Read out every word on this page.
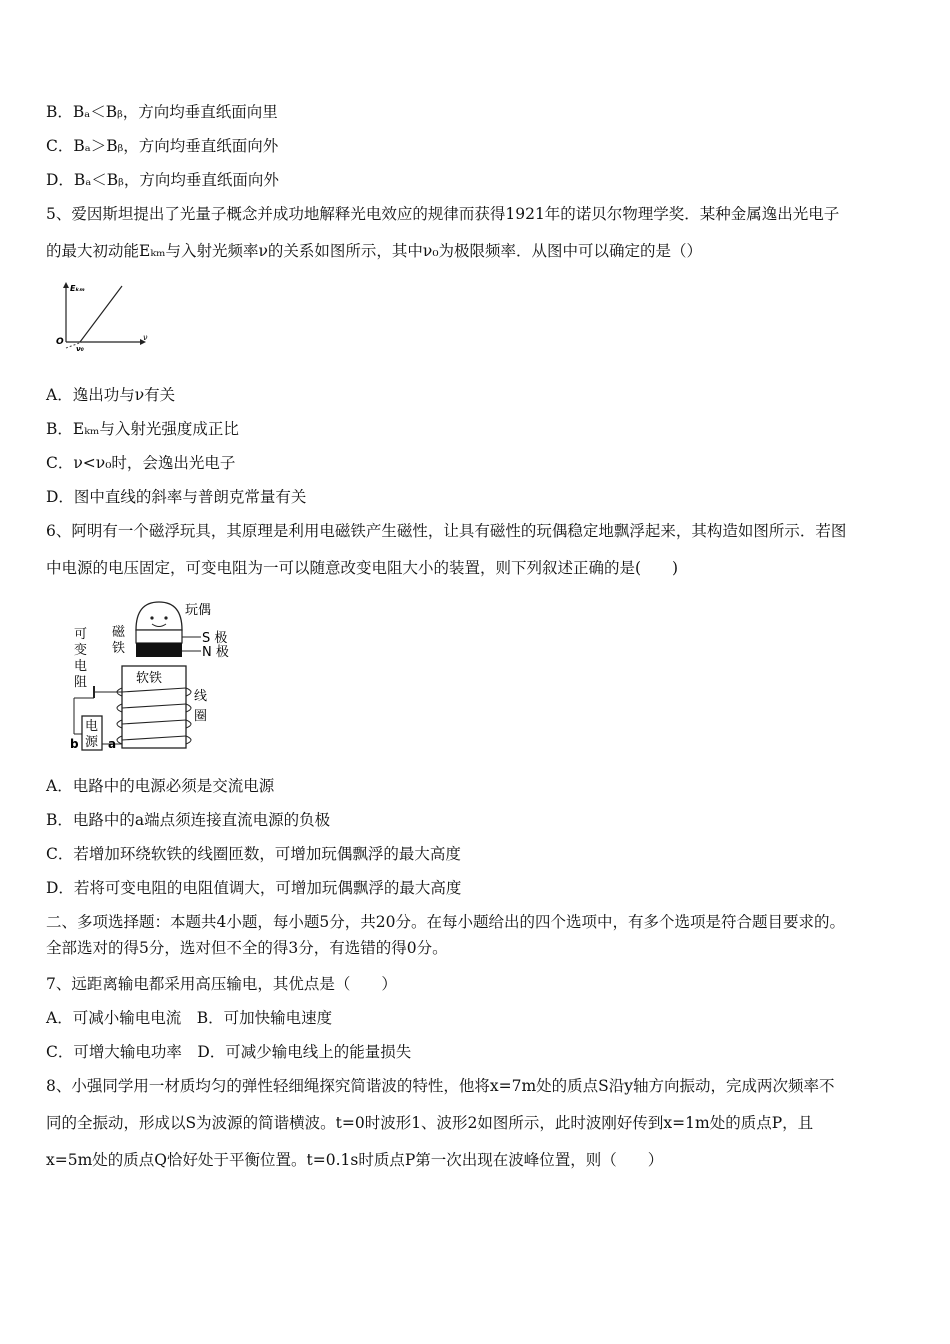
B．Bₐ＜Bᵦ，方向均垂直纸面向里
C．Bₐ＞Bᵦ，方向均垂直纸面向外
D．Bₐ＜Bᵦ，方向均垂直纸面向外
5、爱因斯坦提出了光量子概念并成功地解释光电效应的规律而获得1921年的诺贝尔物理学奖．某种金属逸出光电子
的最大初动能Eₖₘ与入射光频率ν的关系如图所示，其中ν₀为极限频率．从图中可以确定的是（）
Eₖₘ
ν
O
ν₀
A．逸出功与ν有关
B．Eₖₘ与入射光强度成正比
C．ν<ν₀时，会逸出光电子
D．图中直线的斜率与普朗克常量有关
6、阿明有一个磁浮玩具，其原理是利用电磁铁产生磁性，让具有磁性的玩偶稳定地飘浮起来，其构造如图所示．若图
中电源的电压固定，可变电阻为一可以随意改变电阻大小的装置，则下列叙述正确的是(　　)
玩偶
S 极
N 极
磁
铁
可
变
电
阻	软铁
线
圈
电
源
b a
A．电路中的电源必须是交流电源
B．电路中的a端点须连接直流电源的负极
C．若增加环绕软铁的线圈匝数，可增加玩偶飘浮的最大高度
D．若将可变电阻的电阻值调大，可增加玩偶飘浮的最大高度
二、多项选择题：本题共4小题，每小题5分，共20分。在每小题给出的四个选项中，有多个选项是符合题目要求的。
全部选对的得5分，选对但不全的得3分，有选错的得0分。
7、远距离输电都采用高压输电，其优点是（　　）
A．可减小输电电流　B．可加快输电速度
C．可增大输电功率　D．可减少输电线上的能量损失
8、小强同学用一材质均匀的弹性轻细绳探究简谐波的特性，他将x=7m处的质点S沿y轴方向振动，完成两次频率不
同的全振动，形成以S为波源的简谐横波。t=0时波形1、波形2如图所示，此时波刚好传到x=1m处的质点P，且
x=5m处的质点Q恰好处于平衡位置。t=0.1s时质点P第一次出现在波峰位置，则（　　）
